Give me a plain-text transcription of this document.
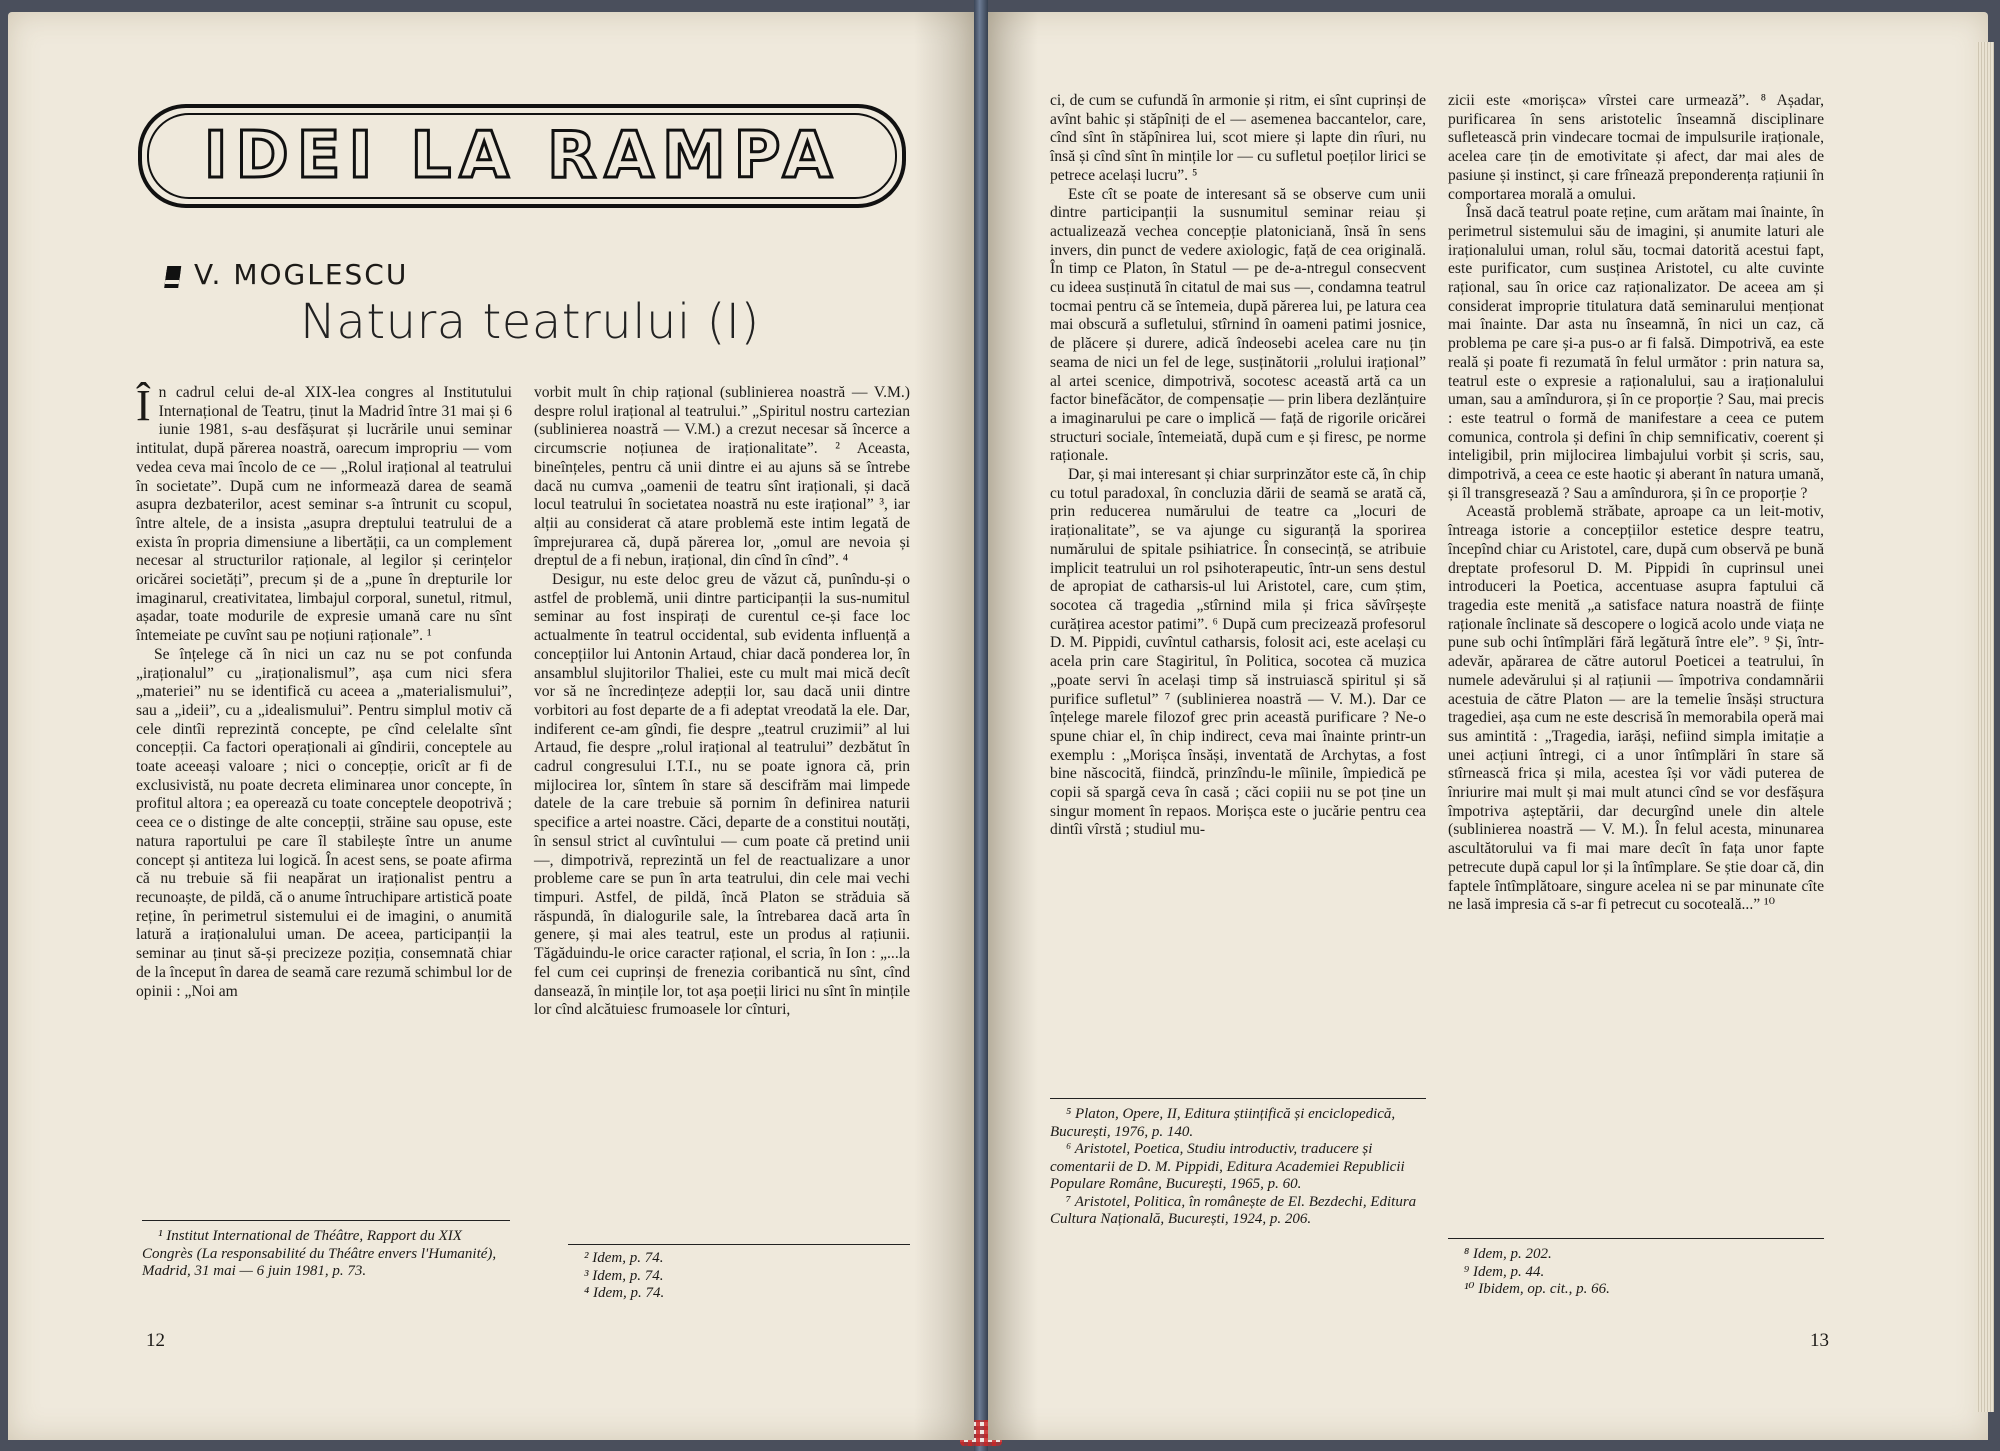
IDEI LA RAMPA
V. MOGLESCU
Natura teatrului (I)

În cadrul celui de-al XIX-lea congres al Institutului Internațional de Teatru, ținut la Madrid între 31 mai și 6 iunie 1981, s-au desfășurat și lucrările unui seminar intitulat, după părerea noastră, oarecum impropriu — vom vedea ceva mai încolo de ce — „Rolul irațional al teatrului în societate”. După cum ne informează darea de seamă asupra dezbaterilor, acest seminar s-a întrunit cu scopul, între altele, de a insista „asupra dreptului teatrului de a exista în propria dimensiune a libertății, ca un complement necesar al structurilor raționale, al legilor și cerințelor oricărei societăți”, precum și de a „pune în drepturile lor imaginarul, creativitatea, limbajul corporal, sunetul, ritmul, așadar, toate modurile de expresie umană care nu sînt întemeiate pe cuvînt sau pe noțiuni raționale”. ¹

Se înțelege că în nici un caz nu se pot confunda „iraționalul” cu „iraționalismul”, așa cum nici sfera „materiei” nu se identifică cu aceea a „materialismului”, sau a „ideii”, cu a „idealismului”. Pentru simplul motiv că cele dintîi reprezintă concepte, pe cînd celelalte sînt concepții. Ca factori operaționali ai gîndirii, conceptele au toate aceeași valoare ; nici o concepție, oricît ar fi de exclusivistă, nu poate decreta eliminarea unor concepte, în profitul altora ; ea operează cu toate conceptele deopotrivă ; ceea ce o distinge de alte concepții, străine sau opuse, este natura raportului pe care îl stabilește între un anume concept și antiteza lui logică. În acest sens, se poate afirma că nu trebuie să fii neapărat un iraționalist pentru a recunoaște, de pildă, că o anume întruchipare artistică poate reține, în perimetrul sistemului ei de imagini, o anumită latură a iraționalului uman. De aceea, participanții la seminar au ținut să-și precizeze poziția, consemnată chiar de la început în darea de seamă care rezumă schimbul lor de opinii : „Noi am

vorbit mult în chip rațional (sublinierea noastră — V.M.) despre rolul irațional al teatrului.” „Spiritul nostru cartezian (sublinierea noastră — V.M.) a crezut necesar să încerce a circumscrie noțiunea de iraționalitate”. ² Aceasta, bineînțeles, pentru că unii dintre ei au ajuns să se întrebe dacă nu cumva „oamenii de teatru sînt iraționali, și dacă locul teatrului în societatea noastră nu este irațional” ³, iar alții au considerat că atare problemă este intim legată de împrejurarea că, după părerea lor, „omul are nevoia și dreptul de a fi nebun, irațional, din cînd în cînd”. ⁴

Desigur, nu este deloc greu de văzut că, punîndu-și o astfel de problemă, unii dintre participanții la sus-numitul seminar au fost inspirați de curentul ce-și face loc actualmente în teatrul occidental, sub evidenta influență a concepțiilor lui Antonin Artaud, chiar dacă ponderea lor, în ansamblul slujitorilor Thaliei, este cu mult mai mică decît vor să ne încredințeze adepții lor, sau dacă unii dintre vorbitori au fost departe de a fi adeptat vreodată la ele. Dar, indiferent ce-am gîndi, fie despre „teatrul cruzimii” al lui Artaud, fie despre „rolul irațional al teatrului” dezbătut în cadrul congresului I.T.I., nu se poate ignora că, prin mijlocirea lor, sîntem în stare să descifrăm mai limpede datele de la care trebuie să pornim în definirea naturii specifice a artei noastre. Căci, departe de a constitui noutăți, în sensul strict al cuvîntului — cum poate că pretind unii —, dimpotrivă, reprezintă un fel de reactualizare a unor probleme care se pun în arta teatrului, din cele mai vechi timpuri. Astfel, de pildă, încă Platon se străduia să răspundă, în dialogurile sale, la întrebarea dacă arta în genere, și mai ales teatrul, este un produs al rațiunii. Tăgăduindu-le orice caracter rațional, el scria, în Ion : „...la fel cum cei cuprinși de frenezia coribantică nu sînt, cînd dansează, în mințile lor, tot așa poeții lirici nu sînt în mințile lor cînd alcătuiesc frumoasele lor cînturi,

¹ Institut International de Théâtre, Rapport du XIX Congrès (La responsabilité du Théâtre envers l'Humanité), Madrid, 31 mai — 6 juin 1981, p. 73.

² Idem, p. 74.

³ Idem, p. 74.

⁴ Idem, p. 74.

12

ci, de cum se cufundă în armonie și ritm, ei sînt cuprinși de avînt bahic și stăpîniți de el — asemenea baccantelor, care, cînd sînt în stăpînirea lui, scot miere și lapte din rîuri, nu însă și cînd sînt în mințile lor — cu sufletul poeților lirici se petrece același lucru”. ⁵

Este cît se poate de interesant să se observe cum unii dintre participanții la susnumitul seminar reiau și actualizează vechea concepție platoniciană, însă în sens invers, din punct de vedere axiologic, față de cea originală. În timp ce Platon, în Statul — pe de-a-ntregul consecvent cu ideea susținută în citatul de mai sus —, condamna teatrul tocmai pentru că se întemeia, după părerea lui, pe latura cea mai obscură a sufletului, stîrnind în oameni patimi josnice, de plăcere și durere, adică îndeosebi acelea care nu țin seama de nici un fel de lege, susținătorii „rolului irațional” al artei scenice, dimpotrivă, socotesc această artă ca un factor binefăcător, de compensație — prin libera dezlănțuire a imaginarului pe care o implică — față de rigorile oricărei structuri sociale, întemeiată, după cum e și firesc, pe norme raționale.

Dar, și mai interesant și chiar surprinzător este că, în chip cu totul paradoxal, în concluzia dării de seamă se arată că, prin reducerea numărului de teatre ca „locuri de iraționalitate”, se va ajunge cu siguranță la sporirea numărului de spitale psihiatrice. În consecință, se atribuie implicit teatrului un rol psihoterapeutic, într-un sens destul de apropiat de catharsis-ul lui Aristotel, care, cum știm, socotea că tragedia „stîrnind mila și frica săvîrșește curățirea acestor patimi”. ⁶ După cum precizează profesorul D. M. Pippidi, cuvîntul catharsis, folosit aci, este același cu acela prin care Stagiritul, în Politica, socotea că muzica „poate servi în același timp să instruiască spiritul și să purifice sufletul” ⁷ (sublinierea noastră — V. M.). Dar ce înțelege marele filozof grec prin această purificare ? Ne-o spune chiar el, în chip indirect, ceva mai înainte printr-un exemplu : „Morișca însăși, inventată de Archytas, a fost bine născocită, fiindcă, prinzîndu-le mîinile, împiedică pe copii să spargă ceva în casă ; căci copiii nu se pot ține un singur moment în repaos. Morișca este o jucărie pentru cea dintîi vîrstă ; studiul mu-

zicii este «morișca» vîrstei care urmează”. ⁸ Așadar, purificarea în sens aristotelic înseamnă disciplinare sufletească prin vindecare tocmai de impulsurile iraționale, acelea care țin de emotivitate și afect, dar mai ales de pasiune și instinct, și care frînează preponderența rațiunii în comportarea morală a omului.

Însă dacă teatrul poate reține, cum arătam mai înainte, în perimetrul sistemului său de imagini, și anumite laturi ale iraționalului uman, rolul său, tocmai datorită acestui fapt, este purificator, cum susținea Aristotel, cu alte cuvinte rațional, sau în orice caz raționalizator. De aceea am și considerat improprie titulatura dată seminarului menționat mai înainte. Dar asta nu înseamnă, în nici un caz, că problema pe care și-a pus-o ar fi falsă. Dimpotrivă, ea este reală și poate fi rezumată în felul următor : prin natura sa, teatrul este o expresie a raționalului, sau a iraționalului uman, sau a amîndurora, și în ce proporție ? Sau, mai precis : este teatrul o formă de manifestare a ceea ce putem comunica, controla și defini în chip semnificativ, coerent și inteligibil, prin mijlocirea limbajului vorbit și scris, sau, dimpotrivă, a ceea ce este haotic și aberant în natura umană, și îl transgresează ? Sau a amîndurora, și în ce proporție ?

Această problemă străbate, aproape ca un leit-motiv, întreaga istorie a concepțiilor estetice despre teatru, începînd chiar cu Aristotel, care, după cum observă pe bună dreptate profesorul D. M. Pippidi în cuprinsul unei introduceri la Poetica, accentuase asupra faptului că tragedia este menită „a satisface natura noastră de ființe raționale înclinate să descopere o logică acolo unde viața ne pune sub ochi întîmplări fără legătură între ele”. ⁹ Și, într-adevăr, apărarea de către autorul Poeticei a teatrului, în numele adevărului și al rațiunii — împotriva condamnării acestuia de către Platon — are la temelie însăși structura tragediei, așa cum ne este descrisă în memorabila operă mai sus amintită : „Tragedia, iarăși, nefiind simpla imitație a unei acțiuni întregi, ci a unor întîmplări în stare să stîrnească frica și mila, acestea își vor vădi puterea de înriurire mai mult și mai mult atunci cînd se vor desfășura împotriva așteptării, dar decurgînd unele din altele (sublinierea noastră — V. M.). În felul acesta, minunarea ascultătorului va fi mai mare decît în fața unor fapte petrecute după capul lor și la întîmplare. Se știe doar că, din faptele întîmplătoare, singure acelea ni se par minunate cîte ne lasă impresia că s-ar fi petrecut cu socoteală...” ¹⁰

⁵ Platon, Opere, II, Editura științifică și enciclopedică, București, 1976, p. 140.

⁶ Aristotel, Poetica, Studiu introductiv, traducere și comentarii de D. M. Pippidi, Editura Academiei Republicii Populare Române, București, 1965, p. 60.

⁷ Aristotel, Politica, în românește de El. Bezdechi, Editura Cultura Națională, București, 1924, p. 206.

⁸ Idem, p. 202.

⁹ Idem, p. 44.

¹⁰ Ibidem, op. cit., p. 66.

13
